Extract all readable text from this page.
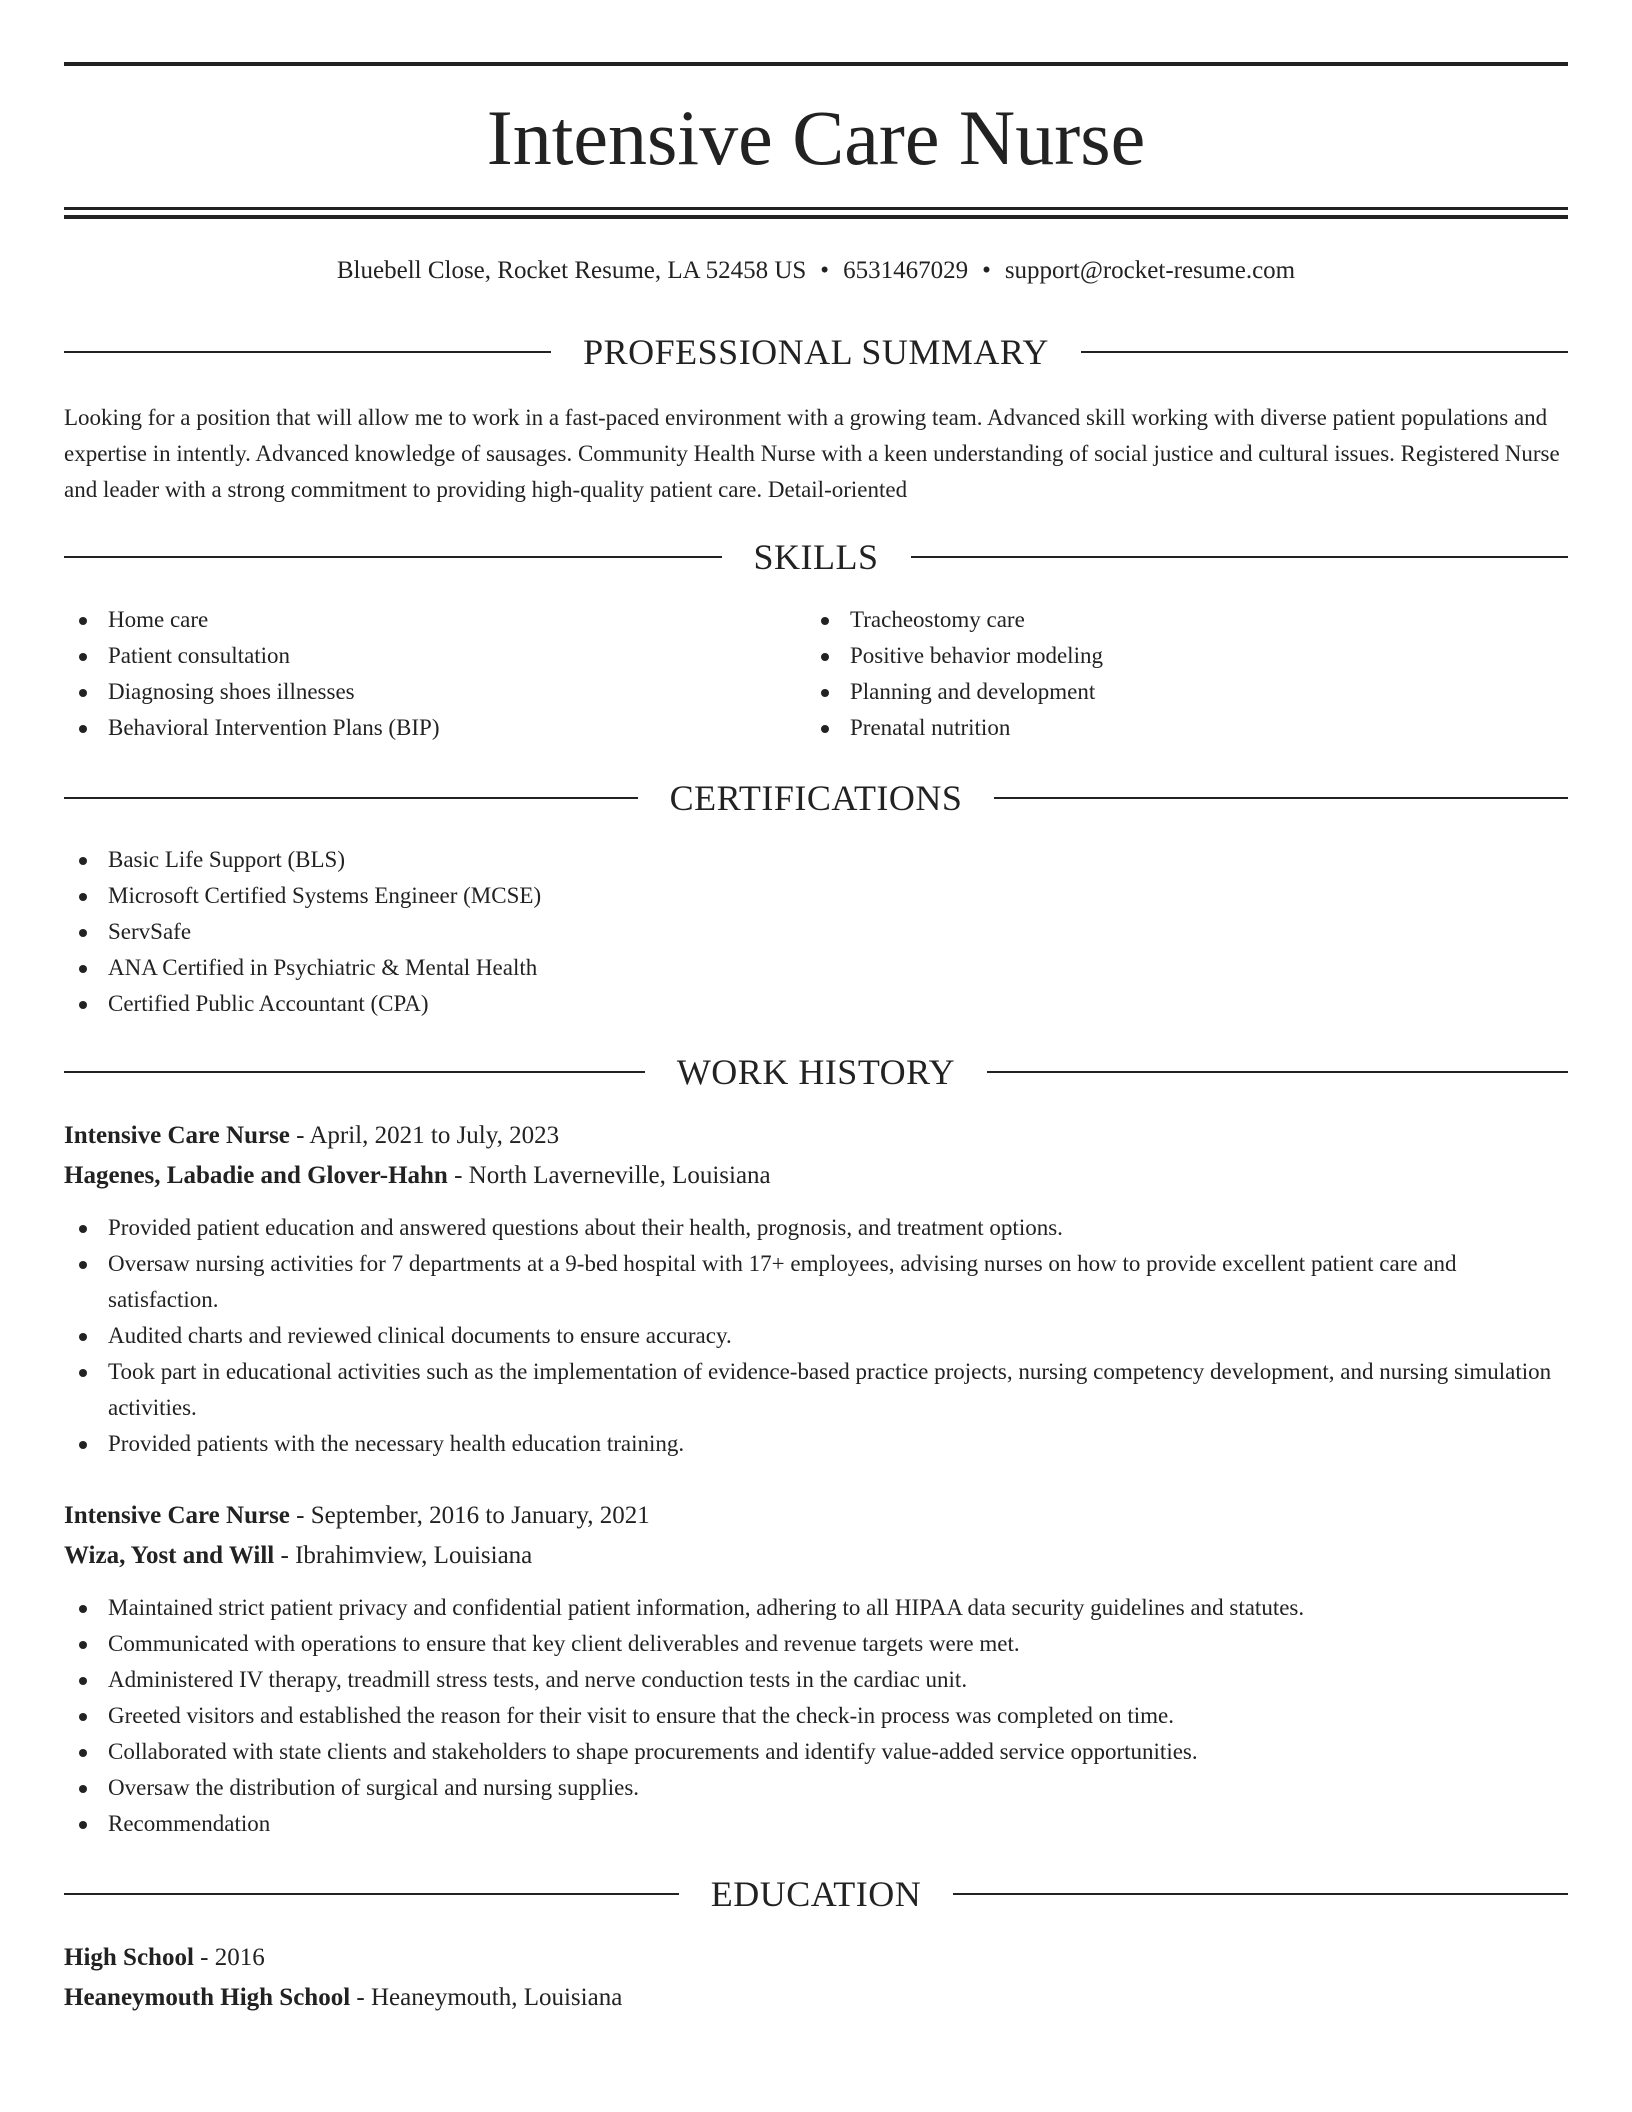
Intensive Care Nurse
Bluebell Close, Rocket Resume, LA 52458 US • 6531467029 • support@rocket-resume.com
PROFESSIONAL SUMMARY

Looking for a position that will allow me to work in a fast-paced environment with a growing team. Advanced skill working with diverse patient populations and expertise in intently. Advanced knowledge of sausages. Community Health Nurse with a keen understanding of social justice and cultural issues. Registered Nurse and leader with a strong commitment to providing high-quality patient care. Detail-oriented

SKILLS
Home care
Patient consultation
Diagnosing shoes illnesses
Behavioral Intervention Plans (BIP)
Tracheostomy care
Positive behavior modeling
Planning and development
Prenatal nutrition
CERTIFICATIONS
Basic Life Support (BLS)
Microsoft Certified Systems Engineer (MCSE)
ServSafe
ANA Certified in Psychiatric & Mental Health
Certified Public Accountant (CPA)
WORK HISTORY
Intensive Care Nurse - April, 2021 to July, 2023
Hagenes, Labadie and Glover-Hahn - North Laverneville, Louisiana
Provided patient education and answered questions about their health, prognosis, and treatment options.
Oversaw nursing activities for 7 departments at a 9-bed hospital with 17+ employees, advising nurses on how to provide excellent patient care and satisfaction.
Audited charts and reviewed clinical documents to ensure accuracy.
Took part in educational activities such as the implementation of evidence-based practice projects, nursing competency development, and nursing simulation activities.
Provided patients with the necessary health education training.
Intensive Care Nurse - September, 2016 to January, 2021
Wiza, Yost and Will - Ibrahimview, Louisiana
Maintained strict patient privacy and confidential patient information, adhering to all HIPAA data security guidelines and statutes.
Communicated with operations to ensure that key client deliverables and revenue targets were met.
Administered IV therapy, treadmill stress tests, and nerve conduction tests in the cardiac unit.
Greeted visitors and established the reason for their visit to ensure that the check-in process was completed on time.
Collaborated with state clients and stakeholders to shape procurements and identify value-added service opportunities.
Oversaw the distribution of surgical and nursing supplies.
Recommendation
EDUCATION
High School - 2016
Heaneymouth High School - Heaneymouth, Louisiana
